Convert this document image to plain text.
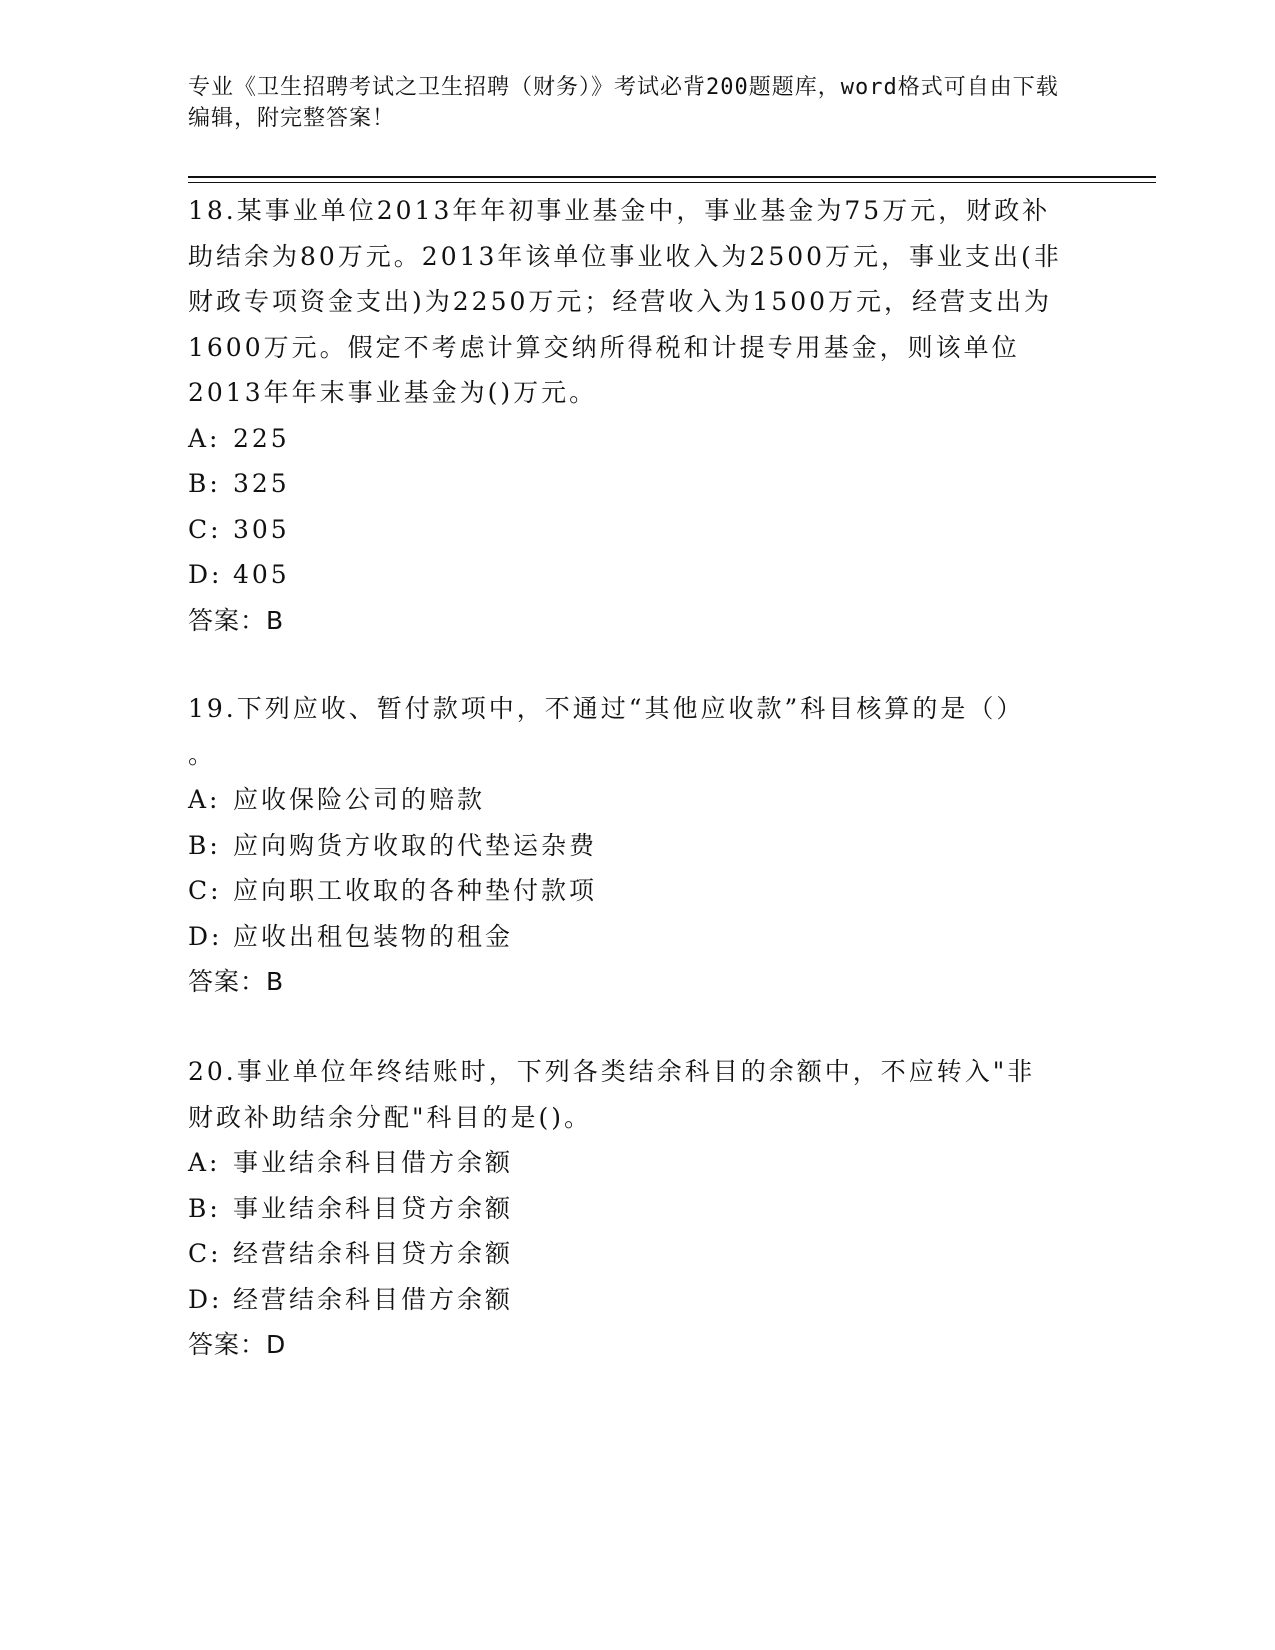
专业《卫生招聘考试之卫生招聘（财务）》考试必背200题题库，word格式可自由下载编辑，附完整答案！
18.某事业单位2013年年初事业基金中，事业基金为75万元，财政补
助结余为80万元。2013年该单位事业收入为2500万元，事业支出(非
财政专项资金支出)为2250万元；经营收入为1500万元，经营支出为
1600万元。假定不考虑计算交纳所得税和计提专用基金，则该单位
2013年年末事业基金为()万元。
A: 225
B: 325
C: 305
D: 405
答案：B
19.下列应收、暂付款项中，不通过“其他应收款”科目核算的是（）
。
A: 应收保险公司的赔款
B: 应向购货方收取的代垫运杂费
C: 应向职工收取的各种垫付款项
D: 应收出租包装物的租金
答案：B
20.事业单位年终结账时，下列各类结余科目的余额中，不应转入"非
财政补助结余分配"科目的是()。
A: 事业结余科目借方余额
B: 事业结余科目贷方余额
C: 经营结余科目贷方余额
D: 经营结余科目借方余额
答案：D
